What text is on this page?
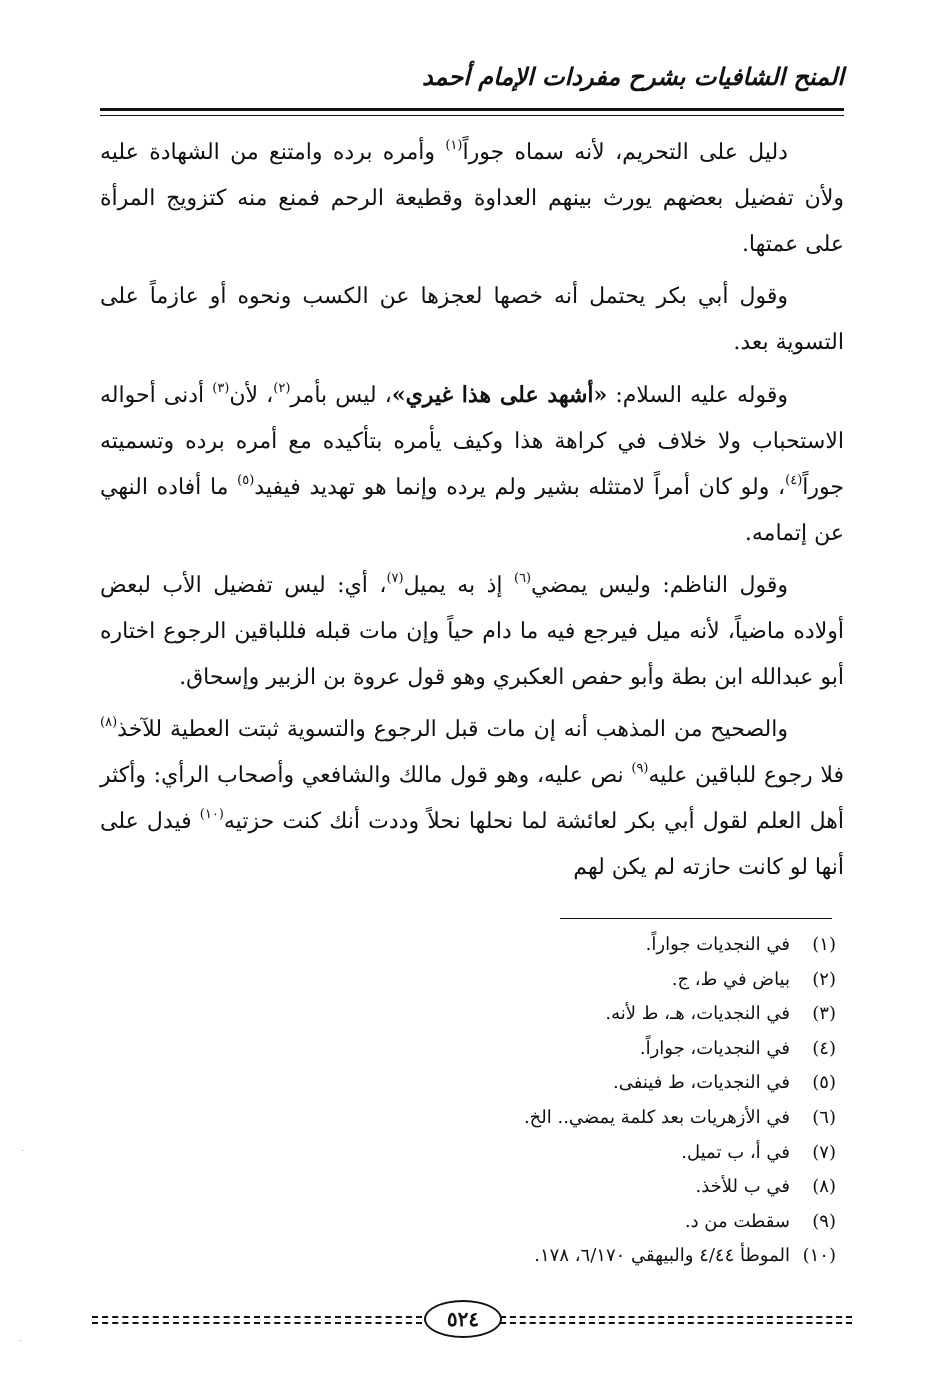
المنح الشافيات بشرح مفردات الإمام أحمد

دليل على التحريم، لأنه سماه جوراً$^{(١)}$ وأمره برده وامتنع من الشهادة عليه ولأن تفضيل بعضهم يورث بينهم العداوة وقطيعة الرحم فمنع منه كتزويج المرأة على عمتها.

وقول أبي بكر يحتمل أنه خصها لعجزها عن الكسب ونحوه أو عازماً على التسوية بعد.

وقوله عليه السلام: «أشهد على هذا غيري»، ليس بأمر$^{(٢)}$، لأن$^{(٣)}$ أدنى أحواله الاستحباب ولا خلاف في كراهة هذا وكيف يأمره بتأكيده مع أمره برده وتسميته جوراً$^{(٤)}$، ولو كان أمراً لامتثله بشير ولم يرده وإنما هو تهديد فيفيد$^{(٥)}$ ما أفاده النهي عن إتمامه.

وقول الناظم: وليس يمضي$^{(٦)}$ إذ به يميل$^{(٧)}$، أي: ليس تفضيل الأب لبعض أولاده ماضياً، لأنه ميل فيرجع فيه ما دام حياً وإن مات قبله فللباقين الرجوع اختاره أبو عبدالله ابن بطة وأبو حفص العكبري وهو قول عروة بن الزبير وإسحاق.

والصحيح من المذهب أنه إن مات قبل الرجوع والتسوية ثبتت العطية للآخذ$^{(٨)}$ فلا رجوع للباقين عليه$^{(٩)}$ نص عليه، وهو قول مالك والشافعي وأصحاب الرأي: وأكثر أهل العلم لقول أبي بكر لعائشة لما نحلها نحلاً وددت أنك كنت حزتيه$^{(١٠)}$ فيدل على أنها لو كانت حازته لم يكن لهم

(١)
في النجديات جواراً.
(٢)
بياض في ط، ج.
(٣)
في النجديات، هـ، ط لأنه.
(٤)
في النجديات، جواراً.
(٥)
في النجديات، ط فينفى.
(٦)
في الأزهريات بعد كلمة يمضي.. الخ.
(٧)
في أ، ب تميل.
(٨)
في ب للأخذ.
(٩)
سقطت من د.
(١٠)
الموطأ ٤/٤٤ والبيهقي ٦/١٧٠، ١٧٨.
٥٢٤
